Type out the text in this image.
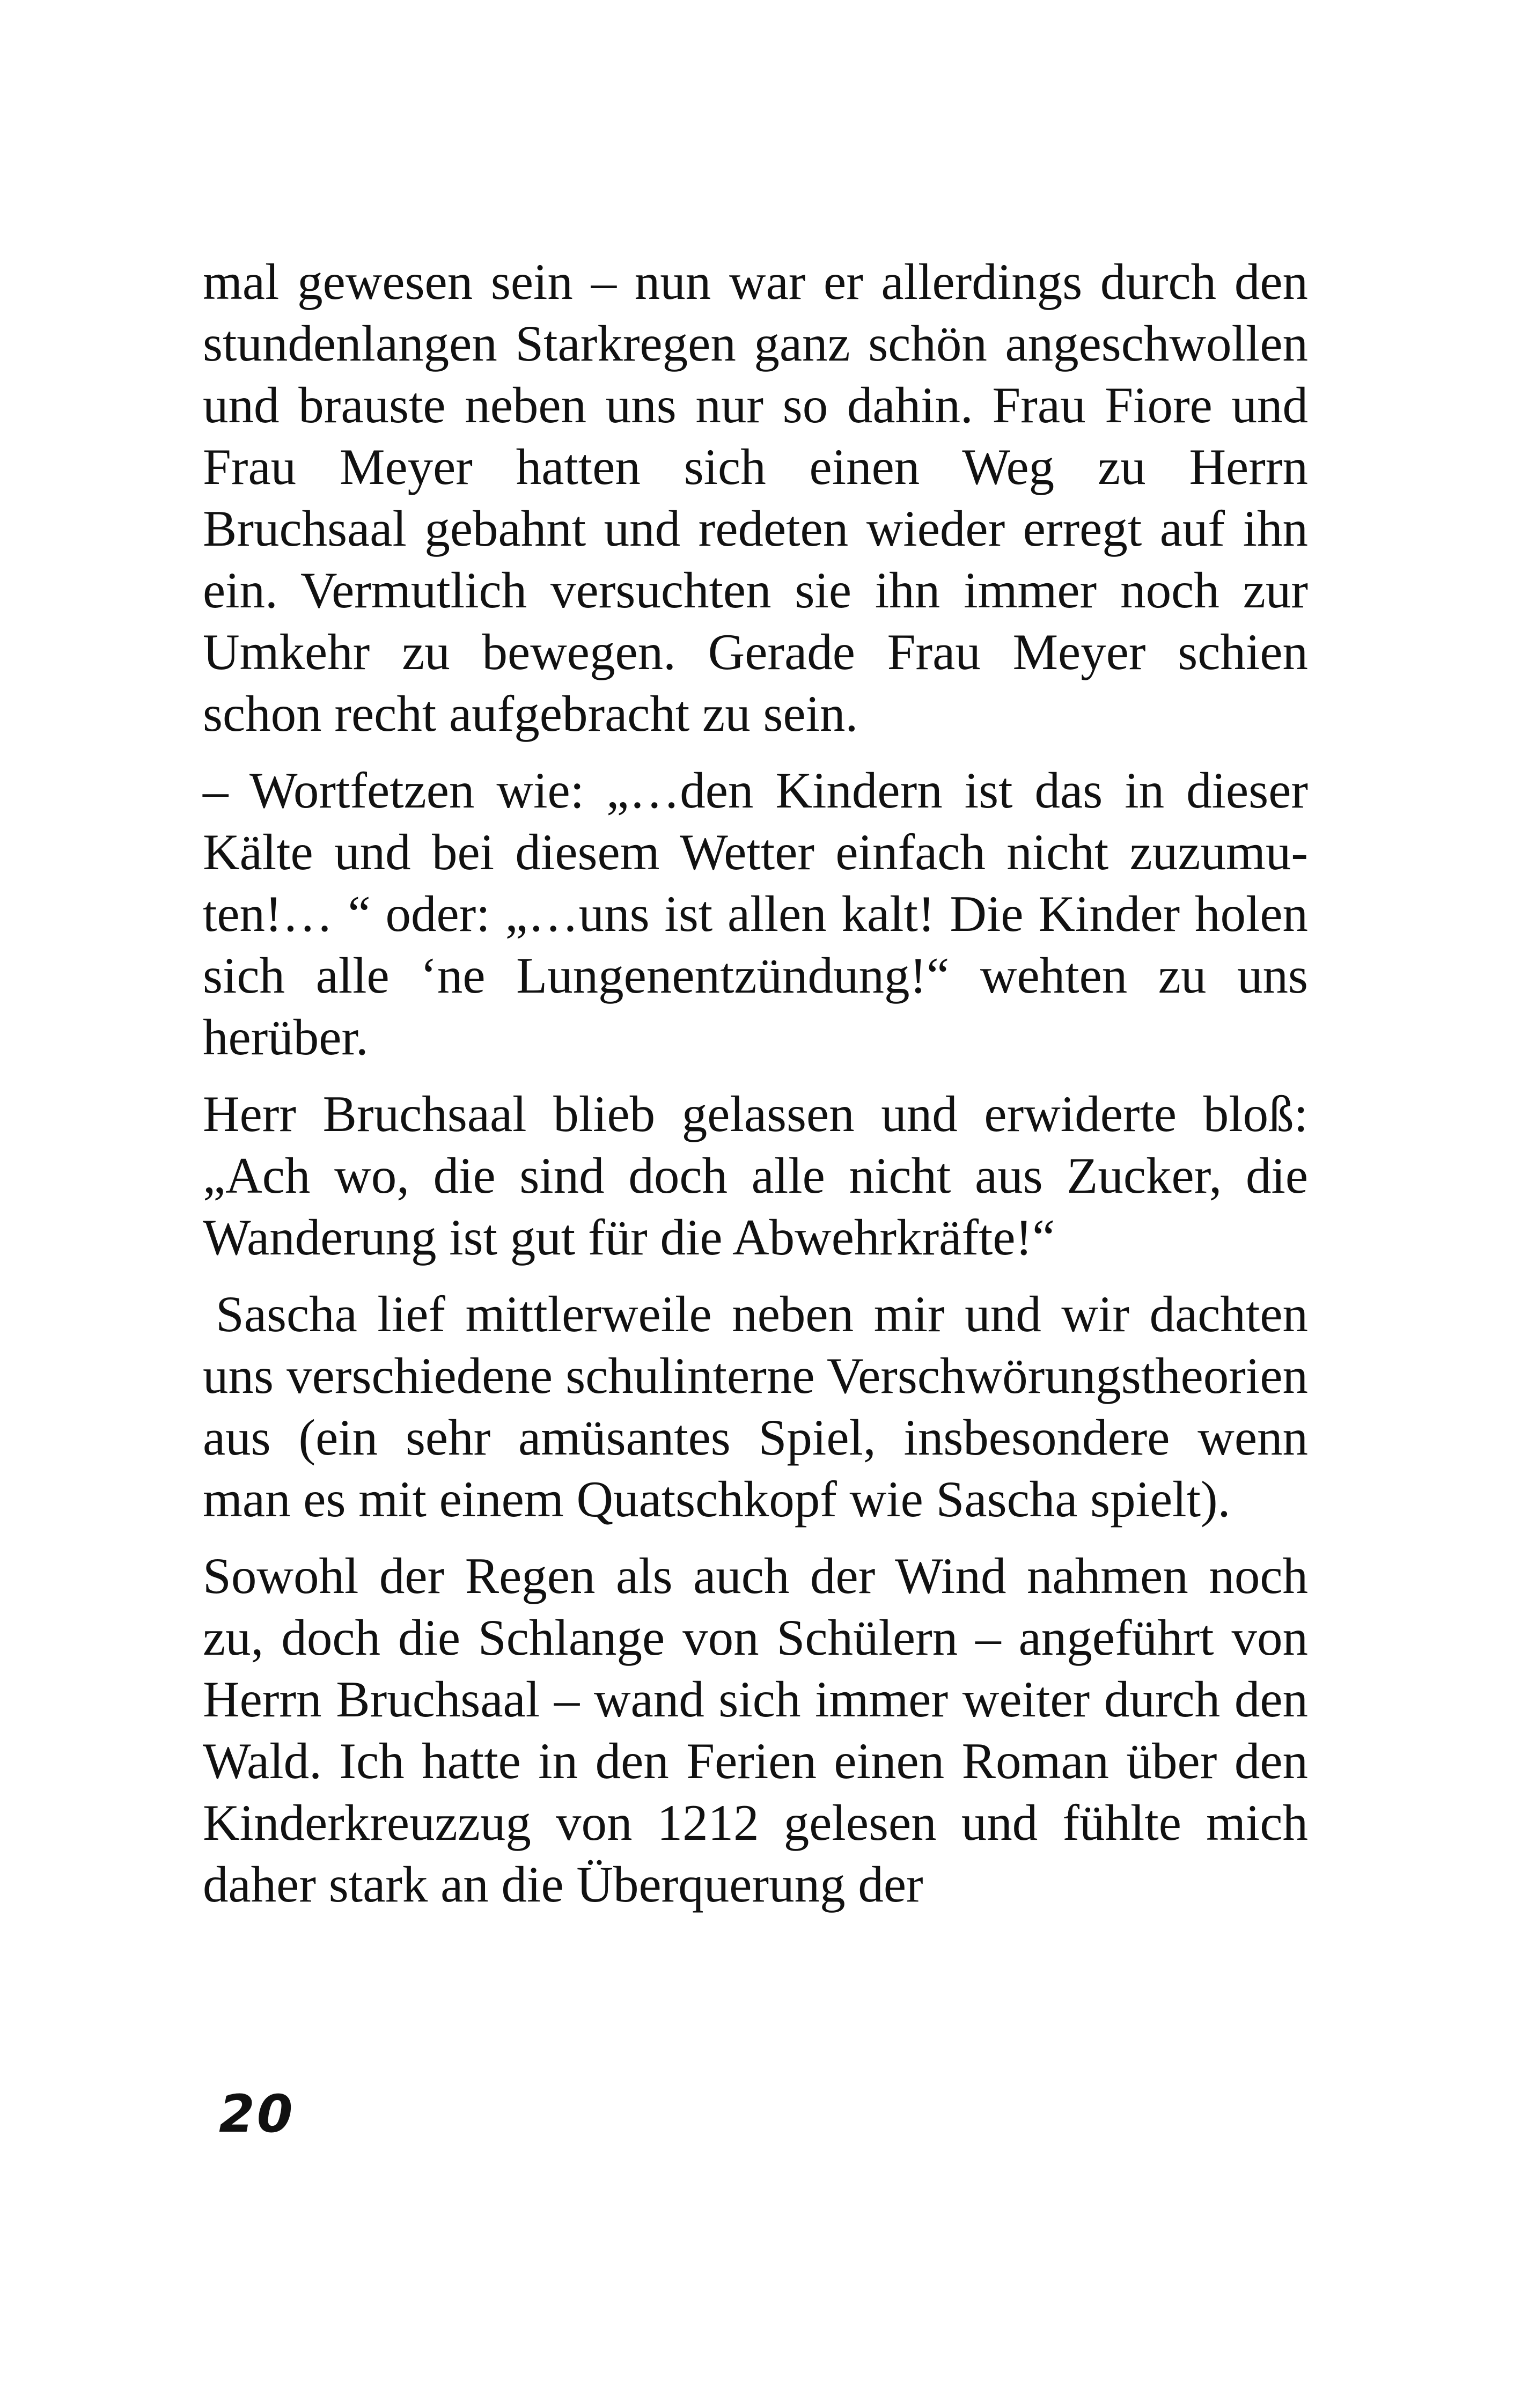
mal gewesen sein – nun war er allerdings durch den stundenlangen Starkregen ganz schön angeschwollen und brauste neben uns nur so dahin. Frau Fiore und Frau Meyer hatten sich einen Weg zu Herrn Bruchsaal gebahnt und redeten wieder erregt auf ihn ein. Vermutlich versuchten sie ihn immer noch zur Umkehr zu bewegen. Gerade Frau Meyer schien schon recht aufgebracht zu sein.

– Wortfetzen wie: „…den Kindern ist das in dieser Kälte und bei diesem Wetter einfach nicht zuzumuten!… “ oder: „…uns ist allen kalt! Die Kinder holen sich alle ‘ne Lungenentzündung!“ wehten zu uns herüber.

Herr Bruchsaal blieb gelassen und erwiderte bloß: „Ach wo, die sind doch alle nicht aus Zucker, die Wanderung ist gut für die Abwehrkräfte!“

Sascha lief mittlerweile neben mir und wir dachten uns verschiedene schulinterne Verschwörungstheorien aus (ein sehr amüsantes Spiel, insbesondere wenn man es mit einem Quatschkopf wie Sascha spielt).

Sowohl der Regen als auch der Wind nahmen noch zu, doch die Schlange von Schülern – angeführt von Herrn Bruchsaal – wand sich immer weiter durch den Wald. Ich hatte in den Ferien einen Roman über den Kinderkreuzzug von 1212 gelesen und fühlte mich daher stark an die Überquerung der

20
